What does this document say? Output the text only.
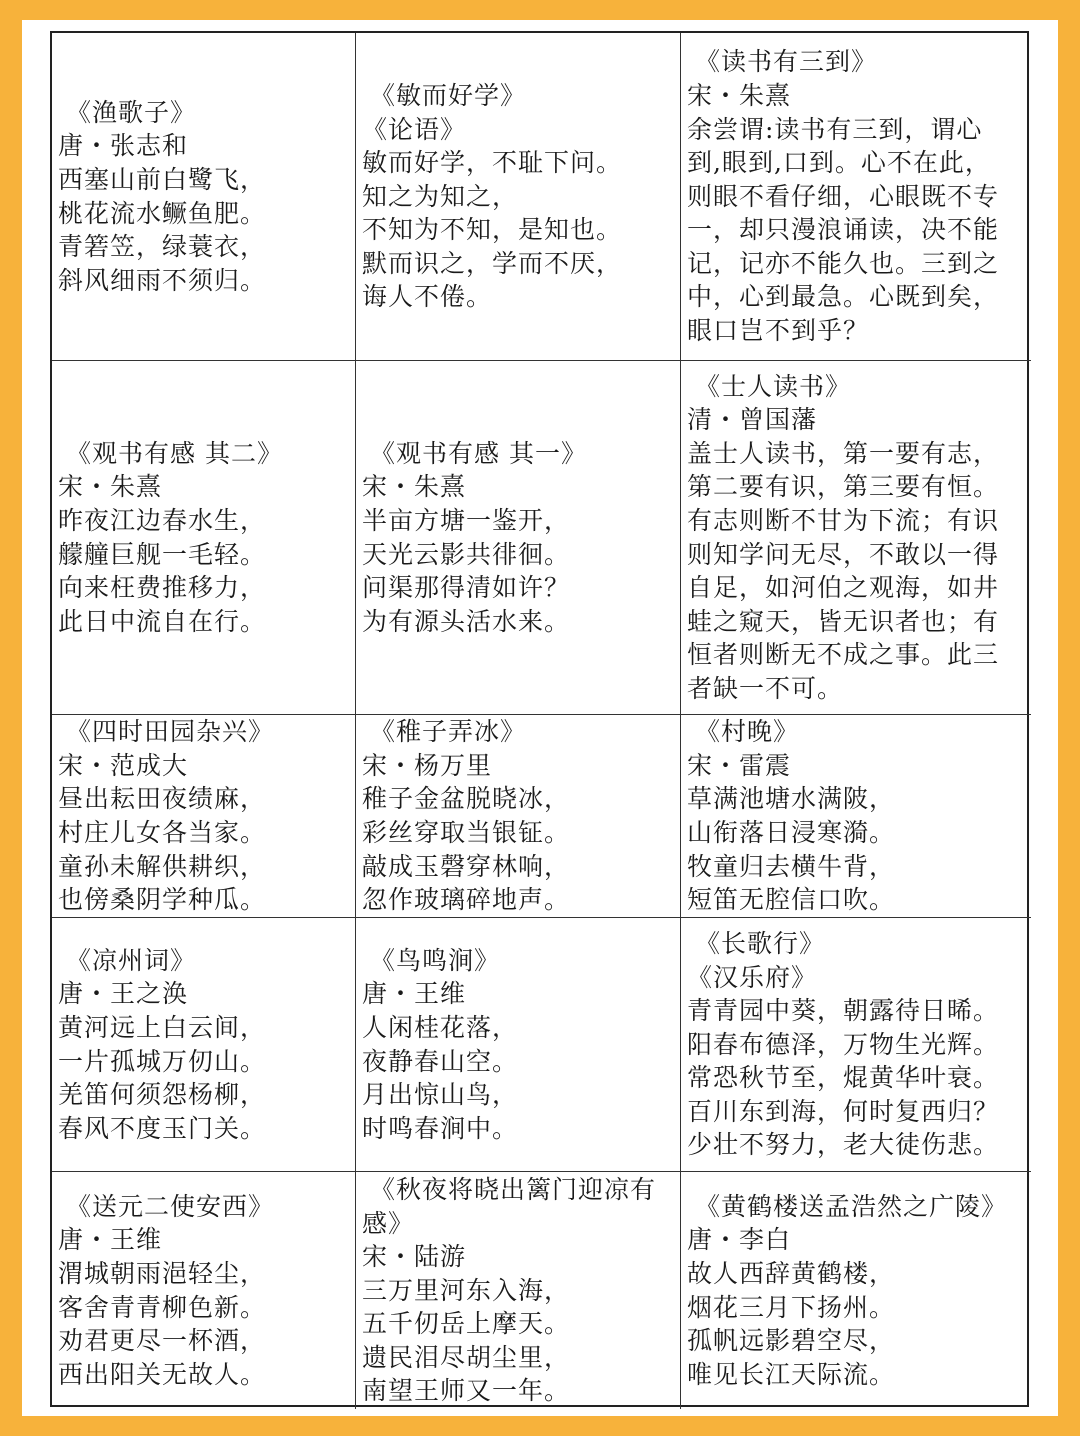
《渔歌子》
唐・张志和
西塞山前白鹭飞，
桃花流水鳜鱼肥。
青箬笠，绿蓑衣，
斜风细雨不须归。
《敏而好学》
《论语》
敏而好学，不耻下问。
知之为知之，
不知为不知，是知也。
默而识之，学而不厌，
诲人不倦。
《读书有三到》
宋・朱熹
余尝谓:读书有三到，谓心
到,眼到,口到。心不在此，
则眼不看仔细，心眼既不专
一，却只漫浪诵读，决不能
记，记亦不能久也。三到之
中，心到最急。心既到矣，
眼口岂不到乎？
《观书有感 其二》
宋・朱熹
昨夜江边春水生，
艨艟巨舰一毛轻。
向来枉费推移力，
此日中流自在行。
《观书有感 其一》
宋・朱熹
半亩方塘一鉴开，
天光云影共徘徊。
问渠那得清如许？
为有源头活水来。
《士人读书》
清・曾国藩
盖士人读书，第一要有志，
第二要有识，第三要有恒。
有志则断不甘为下流；有识
则知学问无尽，不敢以一得
自足，如河伯之观海，如井
蛙之窥天，皆无识者也；有
恒者则断无不成之事。此三
者缺一不可。
《四时田园杂兴》
宋・范成大
昼出耘田夜绩麻，
村庄儿女各当家。
童孙未解供耕织，
也傍桑阴学种瓜。
《稚子弄冰》
宋・杨万里
稚子金盆脱晓冰，
彩丝穿取当银钲。
敲成玉磬穿林响，
忽作玻璃碎地声。
《村晚》
宋・雷震
草满池塘水满陂，
山衔落日浸寒漪。
牧童归去横牛背，
短笛无腔信口吹。
《凉州词》
唐・王之涣
黄河远上白云间，
一片孤城万仞山。
羌笛何须怨杨柳，
春风不度玉门关。
《鸟鸣涧》
唐・王维
人闲桂花落，
夜静春山空。
月出惊山鸟，
时鸣春涧中。
《长歌行》
《汉乐府》
青青园中葵，朝露待日晞。
阳春布德泽，万物生光辉。
常恐秋节至，焜黄华叶衰。
百川东到海，何时复西归？
少壮不努力，老大徒伤悲。
《送元二使安西》
唐・王维
渭城朝雨浥轻尘，
客舍青青柳色新。
劝君更尽一杯酒，
西出阳关无故人。
《秋夜将晓出篱门迎凉有
感》
宋・陆游
三万里河东入海，
五千仞岳上摩天。
遗民泪尽胡尘里，
南望王师又一年。
《黄鹤楼送孟浩然之广陵》
唐・李白
故人西辞黄鹤楼，
烟花三月下扬州。
孤帆远影碧空尽，
唯见长江天际流。
